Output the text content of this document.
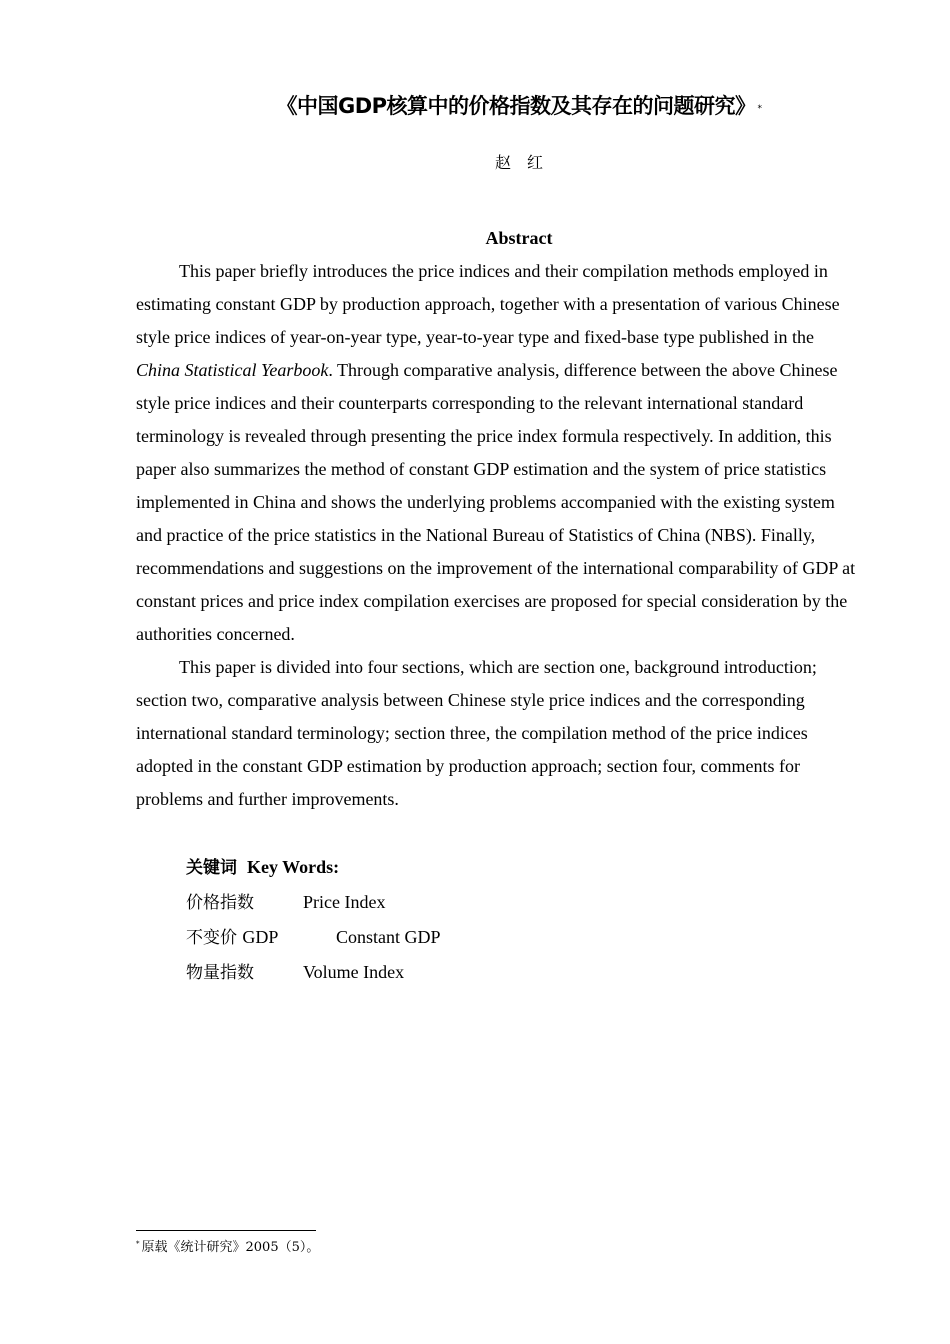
《中国GDP核算中的价格指数及其存在的问题研究》 *
赵　红
Abstract

This paper briefly introduces the price indices and their compilation methods employed in estimating constant GDP by production approach, together with a presentation of various Chinese style price indices of year-on-year type, year-to-year type and fixed-base type published in the China Statistical Yearbook. Through comparative analysis, difference between the above Chinese style price indices and their counterparts corresponding to the relevant international standard terminology is revealed through presenting the price index formula respectively. In addition, this paper also summarizes the method of constant GDP estimation and the system of price statistics implemented in China and shows the underlying problems accompanied with the existing system and practice of the price statistics in the National Bureau of Statistics of China (NBS). Finally, recommendations and suggestions on the improvement of the international comparability of GDP at constant prices and price index compilation exercises are proposed for special consideration by the authorities concerned.

This paper is divided into four sections, which are section one, background introduction; section two, comparative analysis between Chinese style price indices and the corresponding international standard terminology; section three, the compilation method of the price indices adopted in the constant GDP estimation by production approach; section four, comments for problems and further improvements.

关键词 Key Words:
价格指数	Price Index
不变价 GDP	Constant GDP
物量指数	Volume Index
* 原载《统计研究》2005（5）。
